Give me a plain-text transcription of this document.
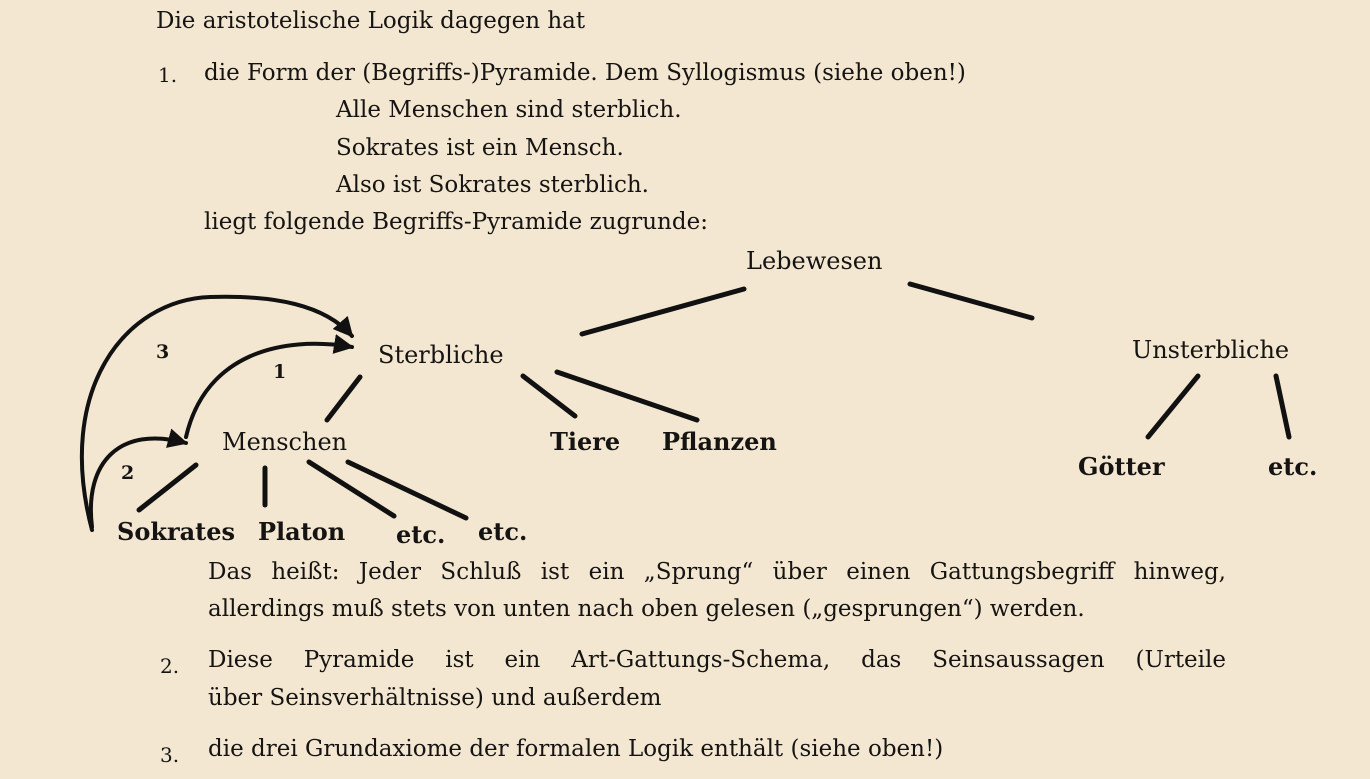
Die aristotelische Logik dagegen hat
1. die Form der (Begriffs-)Pyramide. Dem Syllogismus (siehe oben!)
Alle Menschen sind sterblich.
Sokrates ist ein Mensch.
Also ist Sokrates sterblich.
liegt folgende Begriffs-Pyramide zugrunde:
Lebewesen
Sterbliche	Unsterbliche
Menschen	Tiere Pflanzen
Götter	etc.
Sokrates Platon etc. etc.
1
2
3
Das heißt: Jeder Schluß ist ein „Sprung“ über einen Gattungsbegriff hinweg,
allerdings muß stets von unten nach oben gelesen („gesprungen“) werden.
2. Diese Pyramide ist ein Art-Gattungs-Schema, das Seinsaussagen (Urteile
über Seinsverhältnisse) und außerdem
3. die drei Grundaxiome der formalen Logik enthält (siehe oben!)
